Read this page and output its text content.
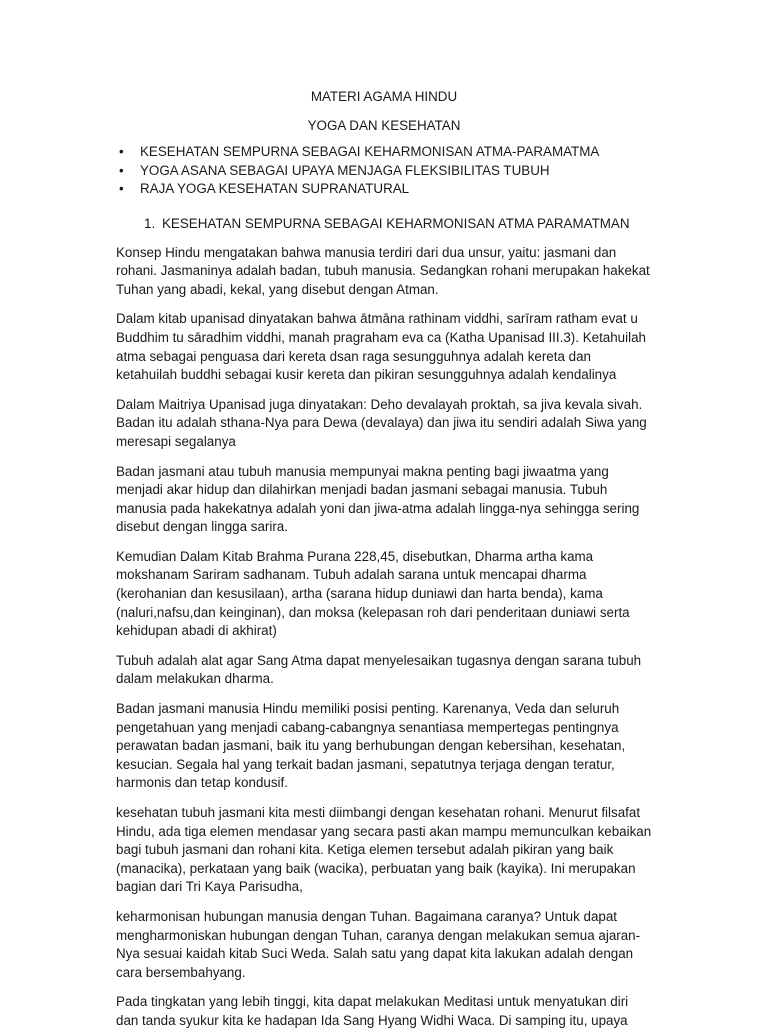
MATERI AGAMA HINDU
YOGA DAN KESEHATAN
• KESEHATAN SEMPURNA SEBAGAI KEHARMONISAN ATMA-PARAMATMA
• YOGA ASANA SEBAGAI UPAYA MENJAGA FLEKSIBILITAS TUBUH
• RAJA YOGA KESEHATAN SUPRANATURAL
1. KESEHATAN SEMPURNA SEBAGAI KEHARMONISAN ATMA PARAMATMAN

Konsep Hindu mengatakan bahwa manusia terdiri dari dua unsur, yaitu: jasmani dan rohani. Jasmaninya adalah badan, tubuh manusia. Sedangkan rohani merupakan hakekat Tuhan yang abadi, kekal, yang disebut dengan Atman.

Dalam kitab upanisad dinyatakan bahwa ātmāna rathinam viddhi, sarīram ratham evat u Buddhim tu sāradhim viddhi, manah pragraham eva ca (Katha Upanisad III.3). Ketahuilah atma sebagai penguasa dari kereta dsan raga sesungguhnya adalah kereta dan ketahuilah buddhi sebagai kusir kereta dan pikiran sesungguhnya adalah kendalinya

Dalam Maitriya Upanisad juga dinyatakan: Deho devalayah proktah, sa jiva kevala sivah. Badan itu adalah sthana-Nya para Dewa (devalaya) dan jiwa itu sendiri adalah Siwa yang meresapi segalanya

Badan jasmani atau tubuh manusia mempunyai makna penting bagi jiwaatma yang menjadi akar hidup dan dilahirkan menjadi badan jasmani sebagai manusia. Tubuh manusia pada hakekatnya adalah yoni dan jiwa-atma adalah lingga-nya sehingga sering disebut dengan lingga sarira.

Kemudian Dalam Kitab Brahma Purana 228,45, disebutkan, Dharma artha kama mokshanam Sariram sadhanam. Tubuh adalah sarana untuk mencapai dharma (kerohanian dan kesusilaan), artha (sarana hidup duniawi dan harta benda), kama (naluri,nafsu,dan keinginan), dan moksa (kelepasan roh dari penderitaan duniawi serta kehidupan abadi di akhirat)

Tubuh adalah alat agar Sang Atma dapat menyelesaikan tugasnya dengan sarana tubuh dalam melakukan dharma.

Badan jasmani manusia Hindu memiliki posisi penting. Karenanya, Veda dan seluruh pengetahuan yang menjadi cabang-cabangnya senantiasa mempertegas pentingnya perawatan badan jasmani, baik itu yang berhubungan dengan kebersihan, kesehatan, kesucian. Segala hal yang terkait badan jasmani, sepatutnya terjaga dengan teratur, harmonis dan tetap kondusif.

kesehatan tubuh jasmani kita mesti diimbangi dengan kesehatan rohani. Menurut filsafat Hindu, ada tiga elemen mendasar yang secara pasti akan mampu memunculkan kebaikan bagi tubuh jasmani dan rohani kita. Ketiga elemen tersebut adalah pikiran yang baik (manacika), perkataan yang baik (wacika), perbuatan yang baik (kayika). Ini merupakan bagian dari Tri Kaya Parisudha,

keharmonisan hubungan manusia dengan Tuhan. Bagaimana caranya? Untuk dapat mengharmoniskan hubungan dengan Tuhan, caranya dengan melakukan semua ajaran-Nya sesuai kaidah kitab Suci Weda. Salah satu yang dapat kita lakukan adalah dengan cara bersembahyang.

Pada tingkatan yang lebih tinggi, kita dapat melakukan Meditasi untuk menyatukan diri dan tanda syukur kita ke hadapan Ida Sang Hyang Widhi Waca. Di samping itu, upaya
